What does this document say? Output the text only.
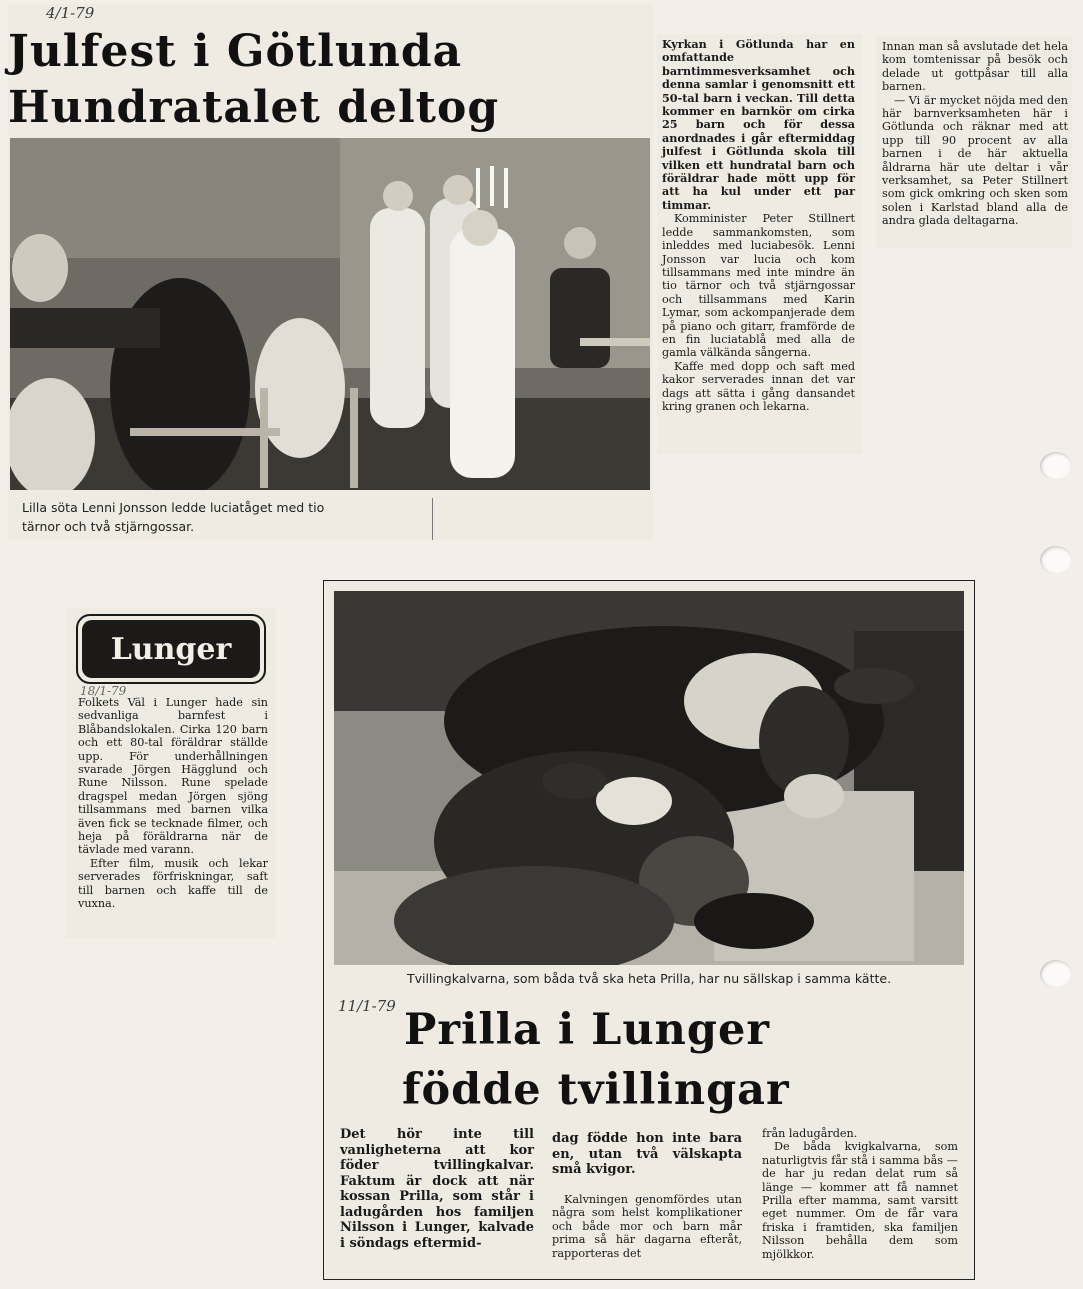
4/1-79
Julfest i Götlunda
Hundratalet deltog
Lilla söta Lenni Jonsson ledde luciatåget med tio
tärnor och två stjärngossar.

Kyrkan i Götlunda har en omfattande barntimmesverksamhet och denna samlar i genomsnitt ett 50-tal barn i veckan. Till detta kommer en barnkör om cirka 25 barn och för dessa anordnades i går eftermiddag julfest i Götlunda skola till vilken ett hundratal barn och föräldrar hade mött upp för att ha kul under ett par timmar.

Komminister Peter Stillnert ledde sammankomsten, som inleddes med luciabesök. Lenni Jonsson var lucia och kom tillsammans med inte mindre än tio tärnor och två stjärngossar och tillsammans med Karin Lymar, som ackompanjerade dem på piano och gitarr, framförde de en fin luciatablå med alla de gamla välkända sångerna.

Kaffe med dopp och saft med kakor serverades innan det var dags att sätta i gång dansandet kring granen och lekarna.

Innan man så avslutade det hela kom tomtenissar på besök och delade ut gottpåsar till alla barnen.

— Vi är mycket nöjda med den här barnverksamheten här i Götlunda och räknar med att upp till 90 procent av alla barnen i de här aktuella åldrarna här ute deltar i vår verksamhet, sa Peter Stillnert som gick omkring och sken som solen i Karlstad bland alla de andra glada deltagarna.

Lunger
18/1-79

Folkets Väl i Lunger hade sin sedvanliga barnfest i Blåbandslokalen. Cirka 120 barn och ett 80-tal föräldrar ställde upp. För underhållningen svarade Jörgen Hägglund och Rune Nilsson. Rune spelade dragspel medan Jörgen sjöng tillsammans med barnen vilka även fick se tecknade filmer, och heja på föräldrarna när de tävlade med varann.

Efter film, musik och lekar serverades förfriskningar, saft till barnen och kaffe till de vuxna.

Tvillingkalvarna, som båda två ska heta Prilla, har nu sällskap i samma kätte.
11/1-79 Prilla i Lunger
födde tvillingar
Det hör inte till vanligheterna att kor föder tvillingkalvar. Faktum är dock att när kossan Prilla, som står i ladugården hos familjen Nilsson i Lunger, kalvade i söndags eftermid-
dag födde hon inte bara en, utan två välskapta små kvigor.
Kalvningen genomfördes utan några som helst komplikationer och både mor och barn mår prima så här dagarna efteråt, rapporteras det

från ladugården.

De båda kvigkalvarna, som naturligtvis får stå i samma bås — de har ju redan delat rum så länge — kommer att få namnet Prilla efter mamma, samt varsitt eget nummer. Om de får vara friska i framtiden, ska familjen Nilsson behålla dem som mjölkkor.
